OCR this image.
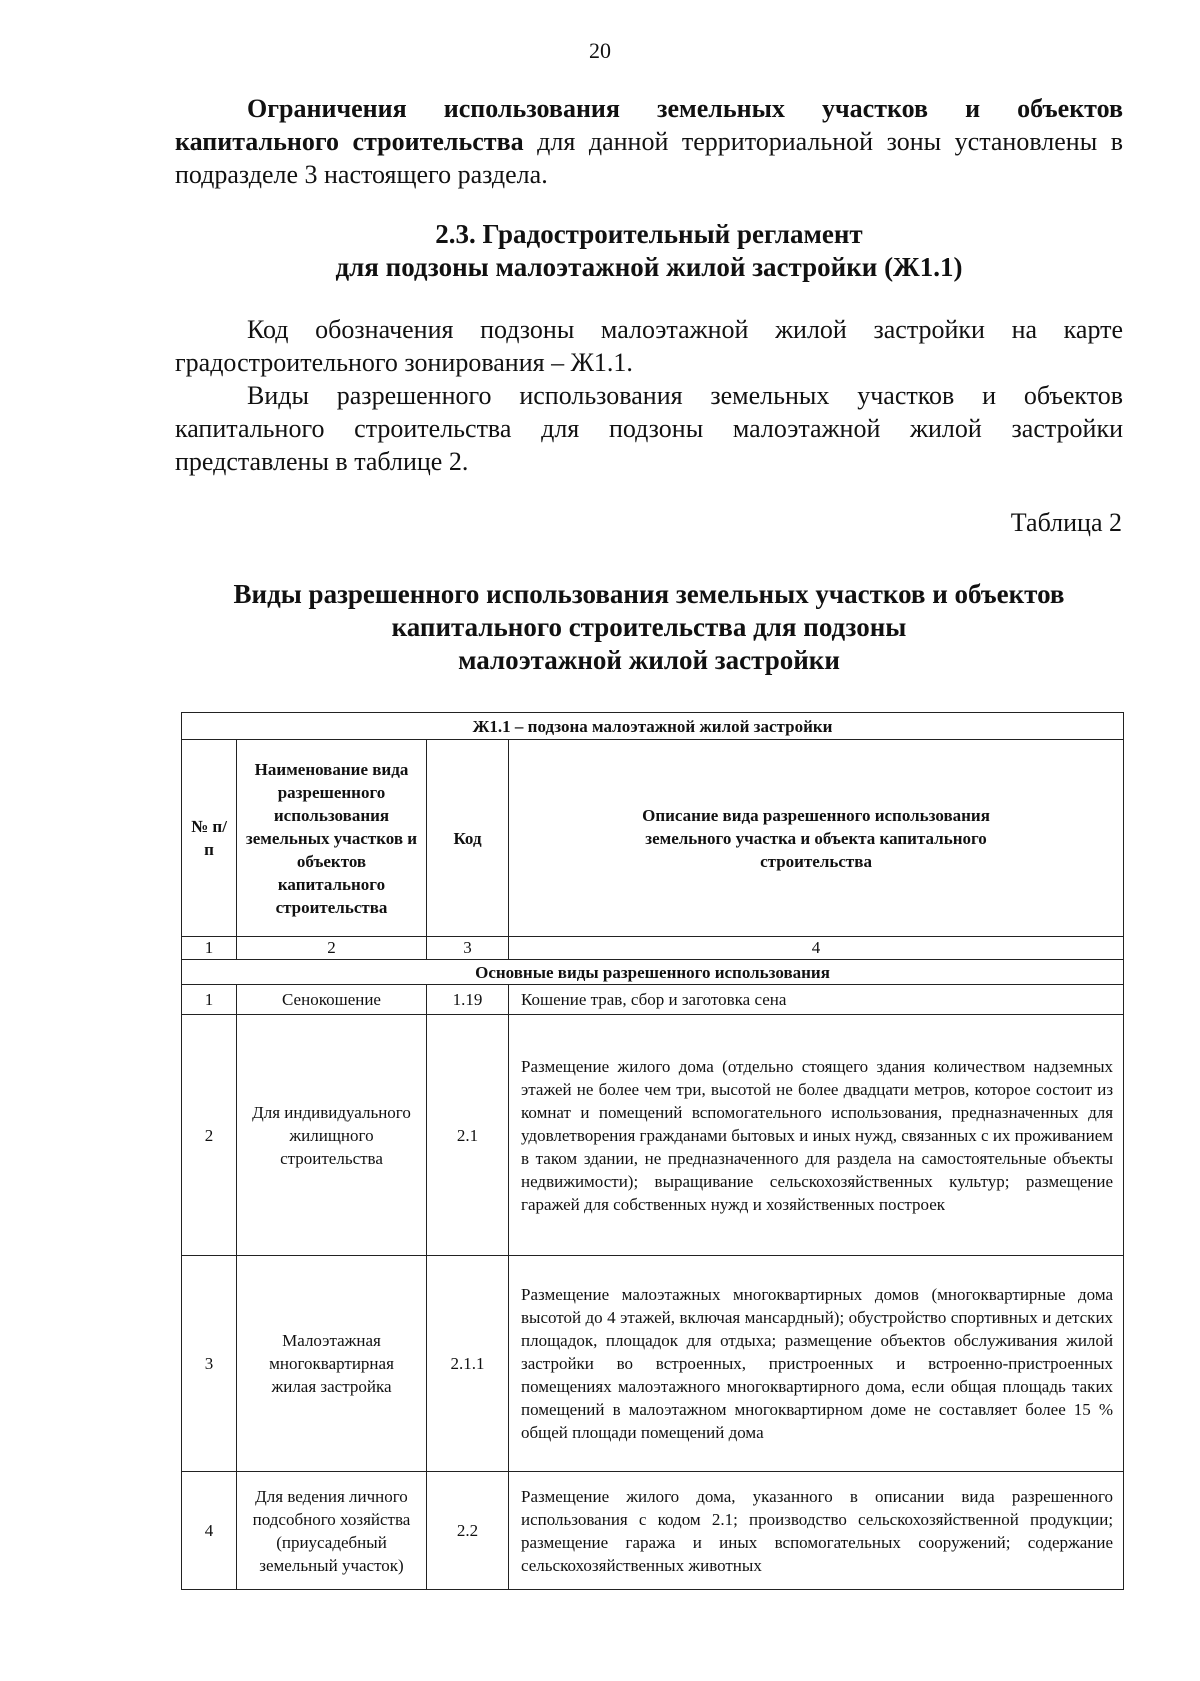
20
Ограничения использования земельных участков и объектов капитального строительства для данной территориальной зоны установлены в подразделе 3 настоящего раздела.
2.3. Градостроительный регламент
для подзоны малоэтажной жилой застройки (Ж1.1)
Код обозначения подзоны малоэтажной жилой застройки на карте градостроительного зонирования – Ж1.1.
Виды разрешенного использования земельных участков и объектов капитального строительства для подзоны малоэтажной жилой застройки представлены в таблице 2.
Таблица 2
Виды разрешенного использования земельных участков и объектов
капитального строительства для подзоны
малоэтажной жилой застройки
Ж1.1 – подзона малоэтажной жилой застройки			
№ п/п	Наименование вида разрешенного использования земельных участков и объектов капитального строительства	Код	Описание вида разрешенного использования земельного участка и объекта капитального строительства
1	2	3	4
Основные виды разрешенного использования			
1	Сенокошение	1.19	Кошение трав, сбор и заготовка сена
2	Для индивидуального жилищного строительства	2.1	Размещение жилого дома (отдельно стоящего здания количеством надземных этажей не более чем три, высотой не более двадцати метров, которое состоит из комнат и помещений вспомогательного использования, предназначенных для удовлетворения гражданами бытовых и иных нужд, связанных с их проживанием в таком здании, не предназначенного для раздела на самостоятельные объекты недвижимости); выращивание сельскохозяйственных культур; размещение гаражей для собственных нужд и хозяйственных построек
3	Малоэтажная многоквартирная жилая застройка	2.1.1	Размещение малоэтажных многоквартирных домов (многоквартирные дома высотой до 4 этажей, включая мансардный); обустройство спортивных и детских площадок, площадок для отдыха; размещение объектов обслуживания жилой застройки во встроенных, пристроенных и встроенно-пристроенных помещениях малоэтажного многоквартирного дома, если общая площадь таких помещений в малоэтажном многоквартирном доме не составляет более 15 % общей площади помещений дома
4	Для ведения личного подсобного хозяйства (приусадебный земельный участок)	2.2	Размещение жилого дома, указанного в описании вида разрешенного использования с кодом 2.1; производство сельскохозяйственной продукции; размещение гаража и иных вспомогательных сооружений; содержание сельскохозяйственных животных
